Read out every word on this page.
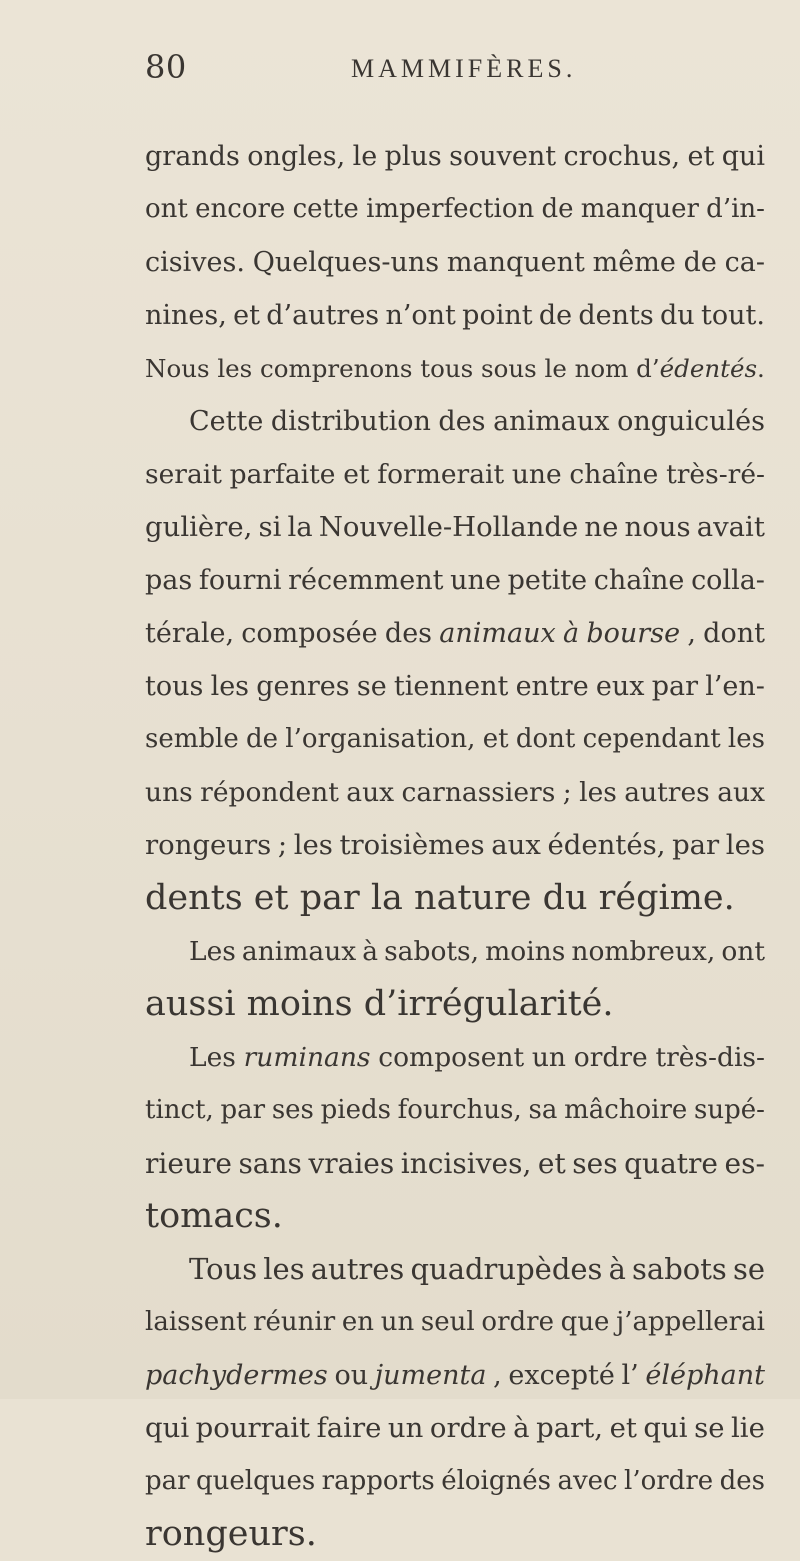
80	MAMMIFÈRES.
grands ongles, le plus souvent crochus, et qui
ont encore cette imperfection de manquer d’in-
cisives. Quelques-uns manquent même de ca-
nines, et d’autres n’ont point de dents du tout.
Nous les comprenons tous sous le nom d’édentés.
Cette distribution des animaux onguiculés
serait parfaite et formerait une chaîne très-ré-
gulière, si la Nouvelle-Hollande ne nous avait
pas fourni récemment une petite chaîne colla-
térale, composée des animaux à bourse , dont
tous les genres se tiennent entre eux par l’en-
semble de l’organisation, et dont cependant les
uns répondent aux carnassiers ; les autres aux
rongeurs ; les troisièmes aux édentés, par les
dents et par la nature du régime.
Les animaux à sabots, moins nombreux, ont
aussi moins d’irrégularité.
Les ruminans composent un ordre très-dis-
tinct, par ses pieds fourchus, sa mâchoire supé-
rieure sans vraies incisives, et ses quatre es-
tomacs.
Tous les autres quadrupèdes à sabots se
laissent réunir en un seul ordre que j’appellerai
pachydermes ou jumenta , excepté l’ éléphant
qui pourrait faire un ordre à part, et qui se lie
par quelques rapports éloignés avec l’ordre des
rongeurs.
